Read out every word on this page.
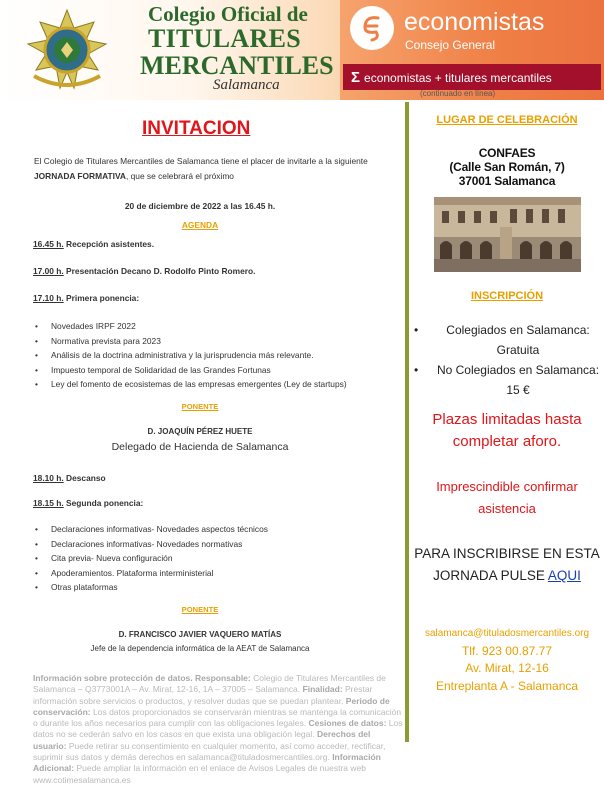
Colegio Oficial de
TITULARES
MERCANTILES
Salamanca
economistas
Consejo General
Σ economistas + titulares mercantiles
(continuado en línea)
INVITACION
El Colegio de Titulares Mercantiles de Salamanca tiene el placer de invitarle a la siguiente JORNADA FORMATIVA, que se celebrará el próximo
20 de diciembre de 2022 a las 16.45 h.
AGENDA
16.45 h. Recepción asistentes.
17.00 h. Presentación Decano D. Rodolfo Pinto Romero.
17.10 h. Primera ponencia:
• Novedades IRPF 2022
• Normativa prevista para 2023
• Análisis de la doctrina administrativa y la jurisprudencia más relevante.
• Impuesto temporal de Solidaridad de las Grandes Fortunas
• Ley del fomento de ecosistemas de las empresas emergentes (Ley de startups)
PONENTE
D. JOAQUÍN PÉREZ HUETE
Delegado de Hacienda de Salamanca
18.10 h. Descanso
18.15 h. Segunda ponencia:
• Declaraciones informativas- Novedades aspectos técnicos
• Declaraciones informativas- Novedades normativas
• Cita previa- Nueva configuración
• Apoderamientos. Plataforma interministerial
• Otras plataformas
PONENTE
D. FRANCISCO JAVIER VAQUERO MATÍAS
Jefe de la dependencia informática de la AEAT de Salamanca
Información sobre protección de datos. Responsable: Colegio de Titulares Mercantiles de Salamanca – Q3773001A – Av. Mirat, 12-16, 1A – 37005 – Salamanca. Finalidad: Prestar información sobre servicios o productos, y resolver dudas que se puedan plantear. Periodo de conservación: Los datos proporcionados se conservarán mientras se mantenga la comunicación o durante los años necesarios para cumplir con las obligaciones legales. Cesiones de datos: Los datos no se cederán salvo en los casos en que exista una obligación legal. Derechos del usuario: Puede retirar su consentimiento en cualquier momento, así como acceder, rectificar, suprimir sus datos y demás derechos en salamanca@tituladosmercantiles.org. Información Adicional: Puede ampliar la información en el enlace de Avisos Legales de nuestra web www.cotimesalamanca.es
LUGAR DE CELEBRACIÓN
CONFAES
(Calle San Román, 7)
37001 Salamanca
INSCRIPCIÓN
• Colegiados en Salamanca: Gratuita
• No Colegiados en Salamanca: 15 €
Plazas limitadas hasta completar aforo.
Imprescindible confirmar asistencia
PARA INSCRIBIRSE EN ESTA JORNADA PULSE AQUI
salamanca@tituladosmercantiles.org
Tlf. 923 00.87.77
Av. Mirat, 12-16
Entreplanta A - Salamanca
